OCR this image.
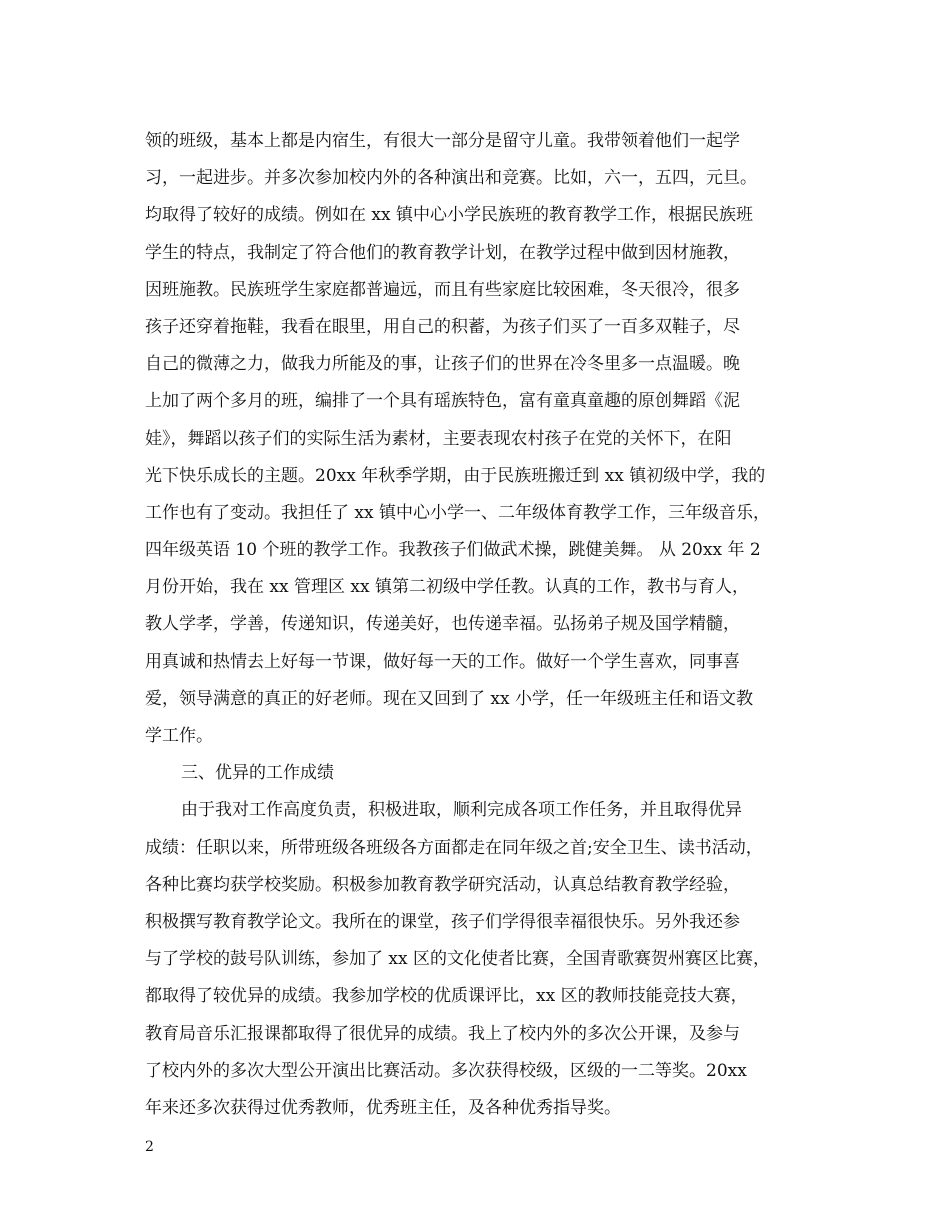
领的班级，基本上都是内宿生，有很大一部分是留守儿童。我带领着他们一起学
习，一起进步。并多次参加校内外的各种演出和竞赛。比如，六一，五四，元旦。
均取得了较好的成绩。例如在 xx 镇中心小学民族班的教育教学工作，根据民族班
学生的特点，我制定了符合他们的教育教学计划，在教学过程中做到因材施教，
因班施教。民族班学生家庭都普遍远，而且有些家庭比较困难，冬天很冷，很多
孩子还穿着拖鞋，我看在眼里，用自己的积蓄，为孩子们买了一百多双鞋子，尽
自己的微薄之力，做我力所能及的事，让孩子们的世界在冷冬里多一点温暖。晚
上加了两个多月的班，编排了一个具有瑶族特色，富有童真童趣的原创舞蹈《泥
娃》，舞蹈以孩子们的实际生活为素材，主要表现农村孩子在党的关怀下，在阳
光下快乐成长的主题。20xx 年秋季学期，由于民族班搬迁到 xx 镇初级中学，我的
工作也有了变动。我担任了 xx 镇中心小学一、二年级体育教学工作，三年级音乐，
四年级英语 10 个班的教学工作。我教孩子们做武术操，跳健美舞。 从 20xx 年 2
月份开始，我在 xx 管理区 xx 镇第二初级中学任教。认真的工作，教书与育人，
教人学孝，学善，传递知识，传递美好，也传递幸福。弘扬弟子规及国学精髓，
用真诚和热情去上好每一节课，做好每一天的工作。做好一个学生喜欢，同事喜
爱，领导满意的真正的好老师。现在又回到了 xx 小学，任一年级班主任和语文教
学工作。
三、优异的工作成绩
由于我对工作高度负责，积极进取，顺利完成各项工作任务，并且取得优异
成绩：任职以来，所带班级各班级各方面都走在同年级之首;安全卫生、读书活动，
各种比赛均获学校奖励。积极参加教育教学研究活动，认真总结教育教学经验，
积极撰写教育教学论文。我所在的课堂，孩子们学得很幸福很快乐。另外我还参
与了学校的鼓号队训练，参加了 xx 区的文化使者比赛，全国青歌赛贺州赛区比赛，
都取得了较优异的成绩。我参加学校的优质课评比，xx 区的教师技能竞技大赛，
教育局音乐汇报课都取得了很优异的成绩。我上了校内外的多次公开课，及参与
了校内外的多次大型公开演出比赛活动。多次获得校级，区级的一二等奖。20xx
年来还多次获得过优秀教师，优秀班主任，及各种优秀指导奖。
2
